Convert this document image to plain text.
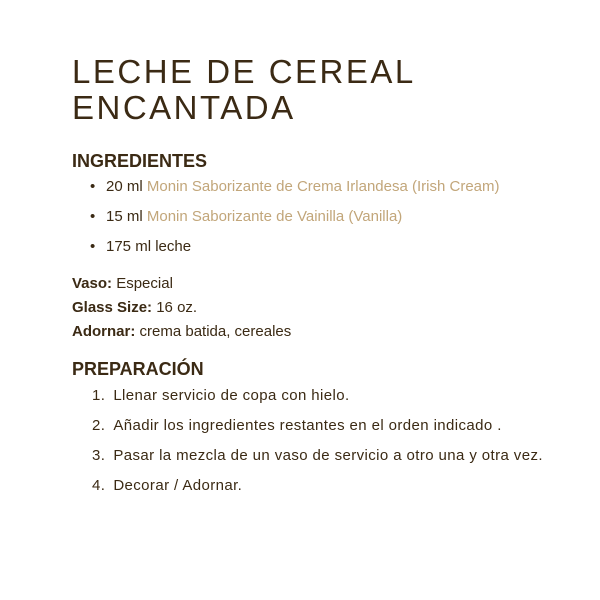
LECHE DE CEREAL
ENCANTADA
INGREDIENTES
• 20 ml Monin Saborizante de Crema Irlandesa (Irish Cream)
• 15 ml Monin Saborizante de Vainilla (Vanilla)
• 175 ml leche
Vaso: Especial
Glass Size: 16 oz.
Adornar: crema batida, cereales
PREPARACIÓN
1. Llenar servicio de copa con hielo.
2. Añadir los ingredientes restantes en el orden indicado .
3. Pasar la mezcla de un vaso de servicio a otro una y otra vez.
4. Decorar / Adornar.
